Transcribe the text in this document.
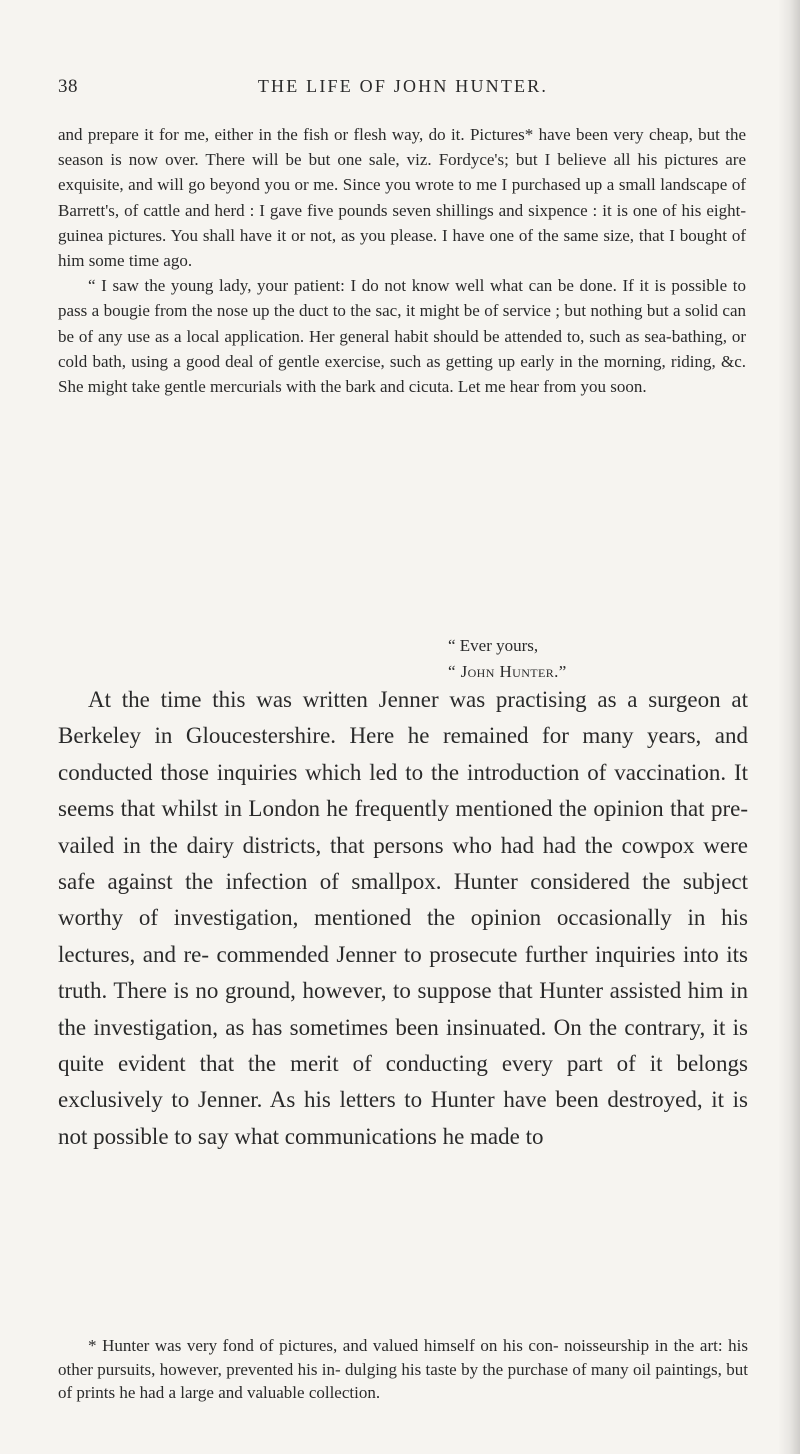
38	THE LIFE OF JOHN HUNTER.

and prepare it for me, either in the fish or flesh way, do it. Pictures* have been very cheap, but the season is now over. There will be but one sale, viz. Fordyce's; but I believe all his pictures are exquisite, and will go beyond you or me. Since you wrote to me I purchased up a small landscape of Barrett's, of cattle and herd : I gave five pounds seven shillings and sixpence : it is one of his eight-guinea pictures. You shall have it or not, as you please. I have one of the same size, that I bought of him some time ago.

“ I saw the young lady, your patient: I do not know well what can be done. If it is possible to pass a bougie from the nose up the duct to the sac, it might be of service ; but nothing but a solid can be of any use as a local application. Her general habit should be attended to, such as sea-bathing, or cold bath, using a good deal of gentle exercise, such as getting up early in the morning, riding, &c. She might take gentle mercurials with the bark and cicuta. Let me hear from you soon.

“ Ever yours,
“ John Hunter.”

At the time this was written Jenner was practising as a surgeon at Berkeley in Gloucestershire. Here he remained for many years, and conducted those inquiries which led to the introduction of vaccination. It seems that whilst in London he frequently mentioned the opinion that pre- vailed in the dairy districts, that persons who had had the cowpox were safe against the infection of smallpox. Hunter considered the subject worthy of investigation, mentioned the opinion occasionally in his lectures, and re- commended Jenner to prosecute further inquiries into its truth. There is no ground, however, to suppose that Hunter assisted him in the investigation, as has sometimes been insinuated. On the contrary, it is quite evident that the merit of conducting every part of it belongs exclusively to Jenner. As his letters to Hunter have been destroyed, it is not possible to say what communications he made to

* Hunter was very fond of pictures, and valued himself on his con- noisseurship in the art: his other pursuits, however, prevented his in- dulging his taste by the purchase of many oil paintings, but of prints he had a large and valuable collection.
